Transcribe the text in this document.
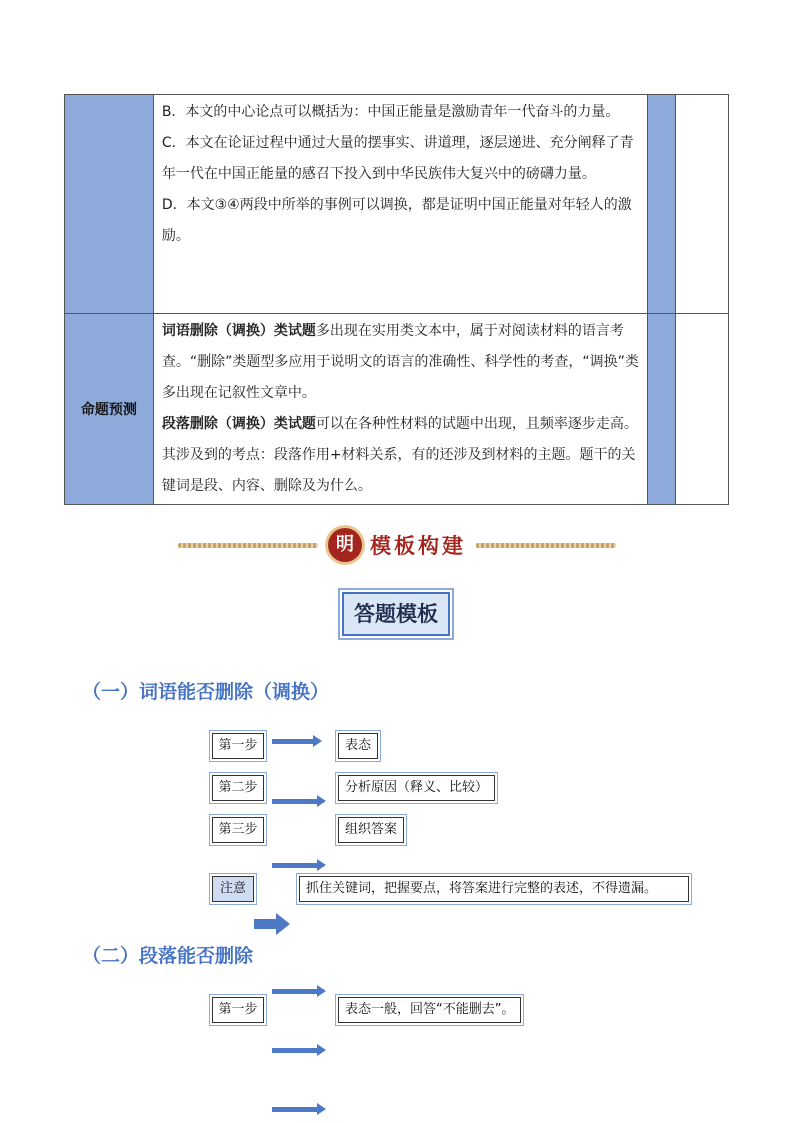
	B．本文的中心论点可以概括为：中国正能量是激励青年一代奋斗的力量。

C．本文在论证过程中通过大量的摆事实、讲道理，逐层递进、充分阐释了青年一代在中国正能量的感召下投入到中华民族伟大复兴中的磅礴力量。

D．本文③④两段中所举的事例可以调换，都是证明中国正能量对年轻人的激励。		

命题预测	词语删除（调换）类试题多出现在实用类文本中，属于对阅读材料的语言考查。“删除”类题型多应用于说明文的语言的准确性、科学性的考查，“调换”类多出现在记叙性文章中。

段落删除（调换）类试题可以在各种性材料的试题中出现，且频率逐步走高。其涉及到的考点：段落作用+材料关系，有的还涉及到材料的主题。题干的关键词是段、内容、删除及为什么。		

明 模板构建
答题模板
（一）词语能否删除（调换）
第一步
第二步
第三步
表态
分析原因（释义、比较）
组织答案
注意	抓住关键词，把握要点，将答案进行完整的表述，不得遗漏。
（二）段落能否删除
第一步	表态一般，回答“不能删去”。
